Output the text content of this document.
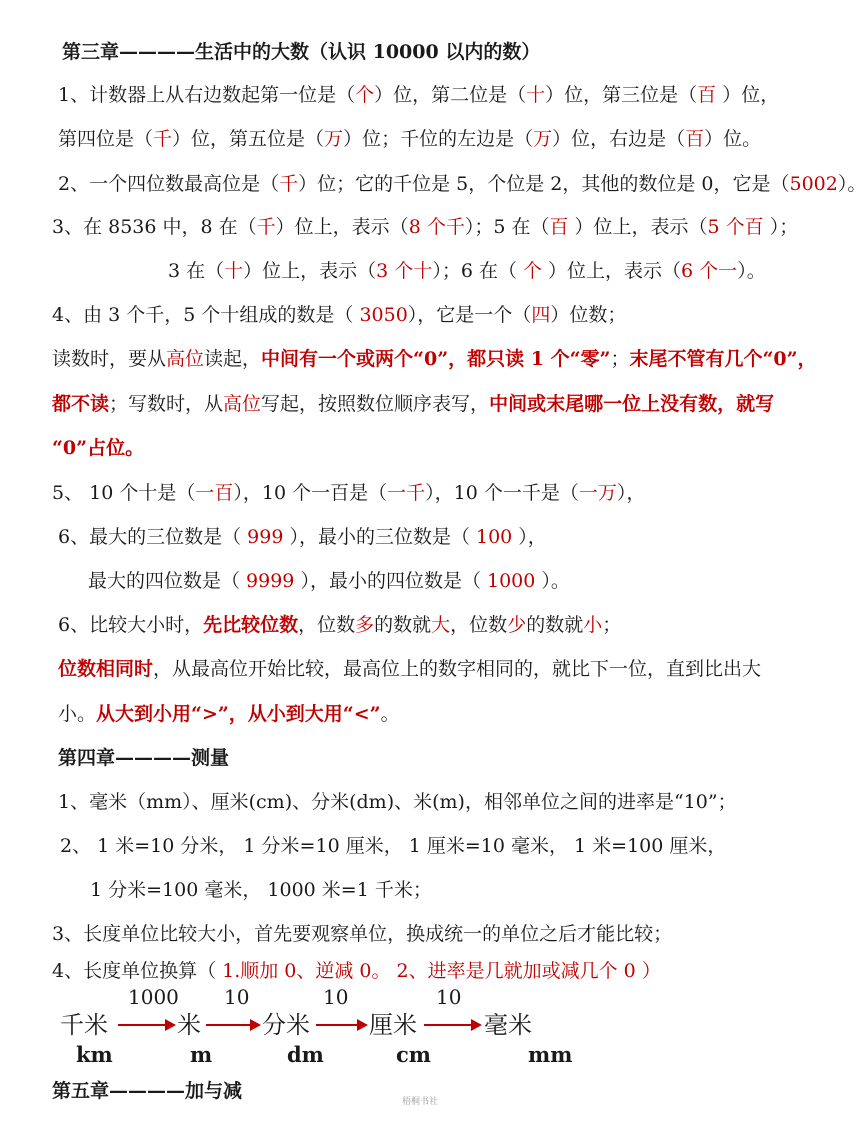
第三章————生活中的大数（认识 10000 以内的数）
1、计数器上从右边数起第一位是（个）位，第二位是（十）位，第三位是（百 ）位，
第四位是（千）位，第五位是（万）位；千位的左边是（万）位，右边是（百）位。
2、一个四位数最高位是（千）位；它的千位是 5，个位是 2，其他的数位是 0，它是（5002）。
3、在 8536 中，8 在（千）位上，表示（8 个千）；5 在（百 ）位上，表示（5 个百 ）；
3 在（十）位上，表示（3 个十）；6 在（ 个 ）位上，表示（6 个一）。
4、由 3 个千，5 个十组成的数是（ 3050），它是一个（四）位数；
读数时，要从高位读起，中间有一个或两个“0”，都只读 1 个“零”；末尾不管有几个“0”，
都不读；写数时，从高位写起，按照数位顺序表写，中间或末尾哪一位上没有数，就写
“0”占位。
5、 10 个十是（一百），10 个一百是（一千），10 个一千是（一万），
6、最大的三位数是（ 999 ），最小的三位数是（ 100 ），
最大的四位数是（ 9999 ），最小的四位数是（ 1000 ）。
6、比较大小时，先比较位数，位数多的数就大，位数少的数就小；
位数相同时，从最高位开始比较，最高位上的数字相同的，就比下一位，直到比出大
小。从大到小用“>”，从小到大用“<”。
第四章————测量
1、毫米（mm）、厘米(cm)、分米(dm)、米(m)，相邻单位之间的进率是“10”；
2、 1 米=10 分米， 1 分米=10 厘米， 1 厘米=10 毫米， 1 米=100 厘米，
1 分米=100 毫米， 1000 米=1 千米；
3、长度单位比较大小，首先要观察单位，换成统一的单位之后才能比较；
4、长度单位换算（ 1.顺加 0、逆减 0。 2、进率是几就加或减几个 0 ）
1000 10	10	10
千米	米	分米 厘米	毫米
km	m	dm	cm	mm
第五章————加与减	梧桐书社
